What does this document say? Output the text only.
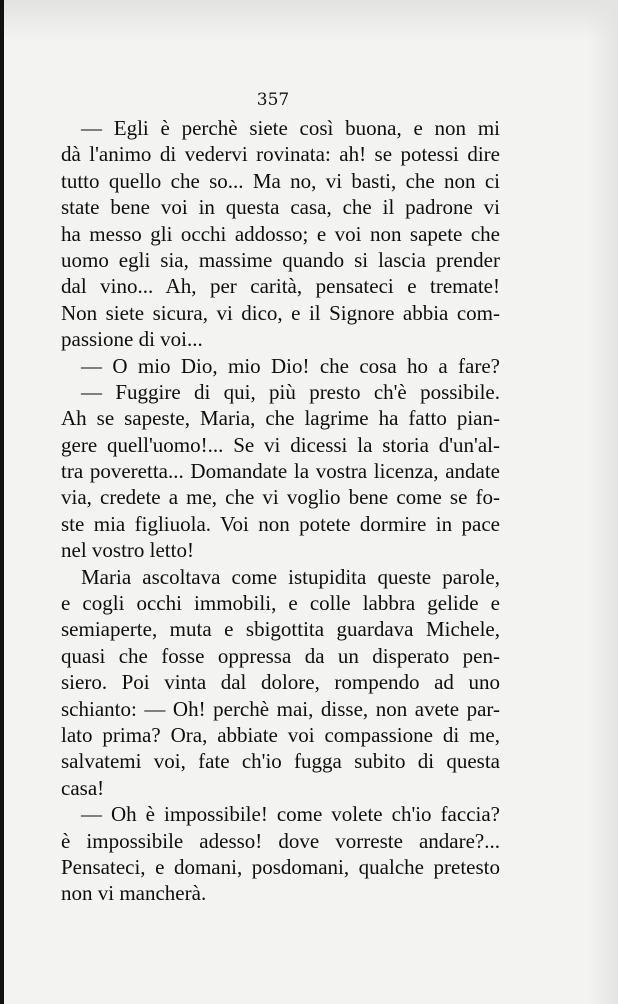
357
— Egli è perchè siete così buona, e non mi
dà l'animo di vedervi rovinata: ah! se potessi dire
tutto quello che so... Ma no, vi basti, che non ci
state bene voi in questa casa, che il padrone vi
ha messo gli occhi addosso; e voi non sapete che
uomo egli sia, massime quando si lascia prender
dal vino... Ah, per carità, pensateci e tremate!
Non siete sicura, vi dico, e il Signore abbia com-
passione di voi...
— O mio Dio, mio Dio! che cosa ho a fare?
— Fuggire di qui, più presto ch'è possibile.
Ah se sapeste, Maria, che lagrime ha fatto pian-
gere quell'uomo!... Se vi dicessi la storia d'un'al-
tra poveretta... Domandate la vostra licenza, andate
via, credete a me, che vi voglio bene come se fo-
ste mia figliuola. Voi non potete dormire in pace
nel vostro letto!
Maria ascoltava come istupidita queste parole,
e cogli occhi immobili, e colle labbra gelide e
semiaperte, muta e sbigottita guardava Michele,
quasi che fosse oppressa da un disperato pen-
siero. Poi vinta dal dolore, rompendo ad uno
schianto: — Oh! perchè mai, disse, non avete par-
lato prima? Ora, abbiate voi compassione di me,
salvatemi voi, fate ch'io fugga subito di questa
casa!
— Oh è impossibile! come volete ch'io faccia?
è impossibile adesso! dove vorreste andare?...
Pensateci, e domani, posdomani, qualche pretesto
non vi mancherà.
